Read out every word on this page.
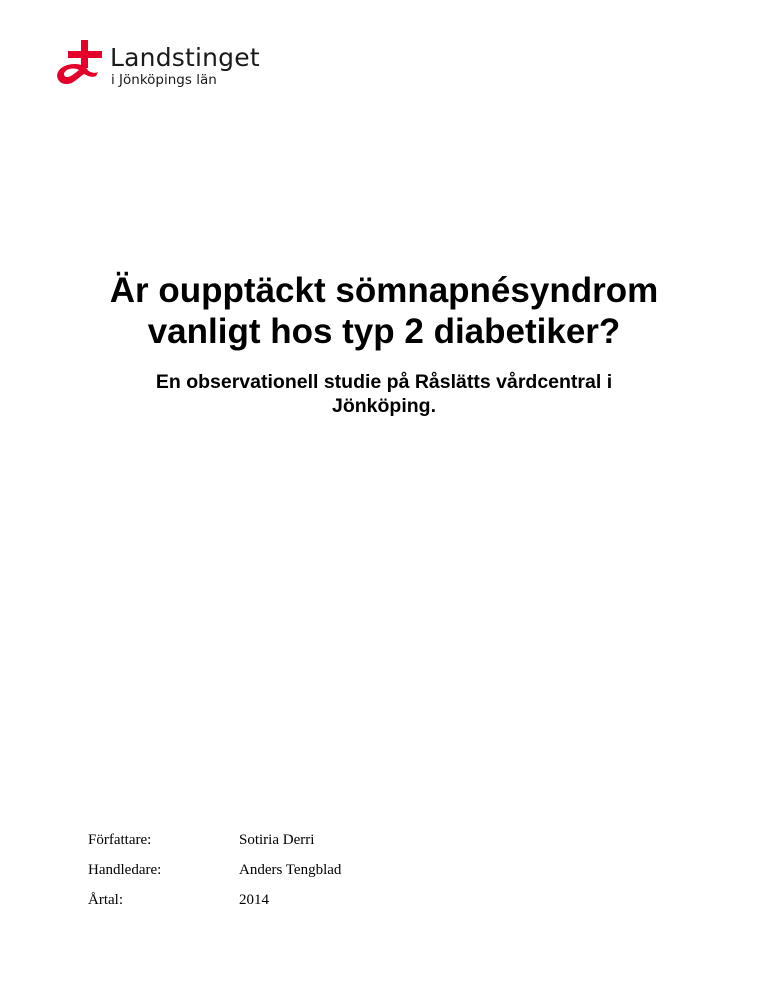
Landstinget
i Jönköpings län
Är oupptäckt sömnapnésyndrom
vanligt hos typ 2 diabetiker?
En observationell studie på Råslätts vårdcentral i
Jönköping.
Författare:	Sotiria Derri
Handledare:	Anders Tengblad
Årtal:	2014
